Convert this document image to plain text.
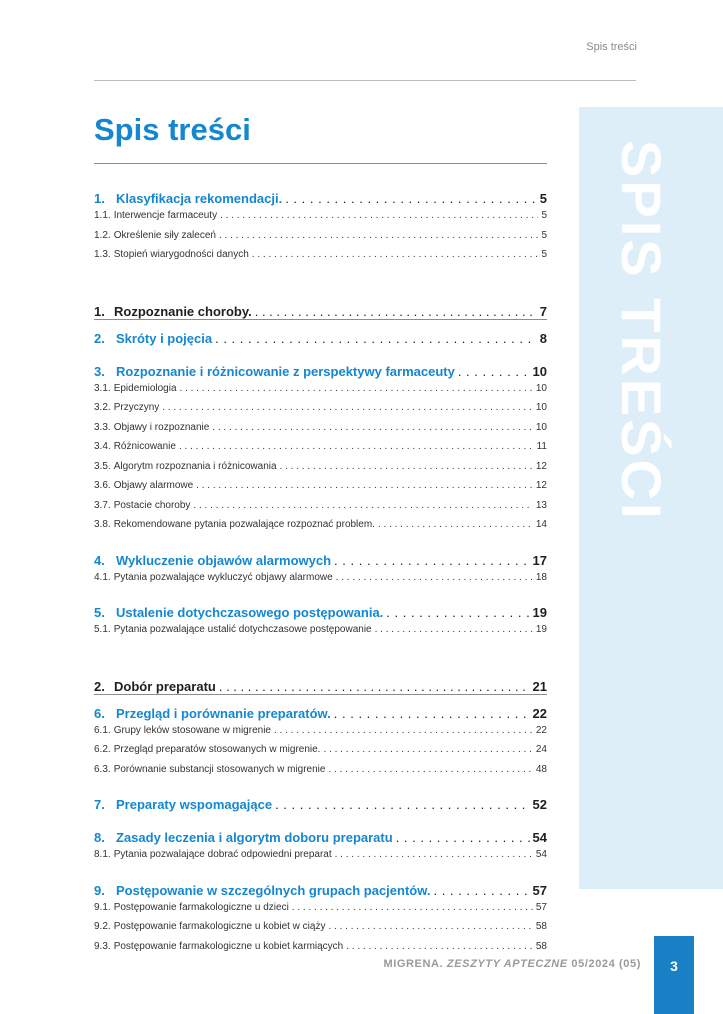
Spis treści
SPIS TREŚCI
Spis treści
1. Klasyfikacja rekomendacji. . . .	5
1.1. Interwencje farmaceuty . . .	5
1.2. Określenie siły zaleceń . . .	5
1.3. Stopień wiarygodności danych . . .	5
1. Rozpoznanie choroby. . . .	7
2. Skróty i pojęcia . . .	8
3. Rozpoznanie i różnicowanie z perspektywy farmaceuty . . .	10
3.1. Epidemiologia . . .	10
3.2. Przyczyny . . .	10
3.3. Objawy i rozpoznanie . . .	10
3.4. Różnicowanie . . .	11
3.5. Algorytm rozpoznania i różnicowania . . .	12
3.6. Objawy alarmowe . . .	12
3.7. Postacie choroby . . .	13
3.8. Rekomendowane pytania pozwalające rozpoznać problem. . . .	14
4. Wykluczenie objawów alarmowych . . .	17
4.1. Pytania pozwalające wykluczyć objawy alarmowe . . .	18
5. Ustalenie dotychczasowego postępowania. . . .	19
5.1. Pytania pozwalające ustalić dotychczasowe postępowanie . . .	19
2. Dobór preparatu . . .	21
6. Przegląd i porównanie preparatów. . . .	22
6.1. Grupy leków stosowane w migrenie . . .	22
6.2. Przegląd preparatów stosowanych w migrenie. . . .	24
6.3. Porównanie substancji stosowanych w migrenie . . .	48
7. Preparaty wspomagające . . .	52
8. Zasady leczenia i algorytm doboru preparatu . . .	54
8.1. Pytania pozwalające dobrać odpowiedni preparat . . .	54
9. Postępowanie w szczególnych grupach pacjentów. . . .	57
9.1. Postępowanie farmakologiczne u dzieci . . .	57
9.2. Postępowanie farmakologiczne u kobiet w ciąży . . .	58
9.3. Postępowanie farmakologiczne u kobiet karmiących . . .	58
MIGRENA. ZESZYTY APTECZNE 05/2024 (05)	3
